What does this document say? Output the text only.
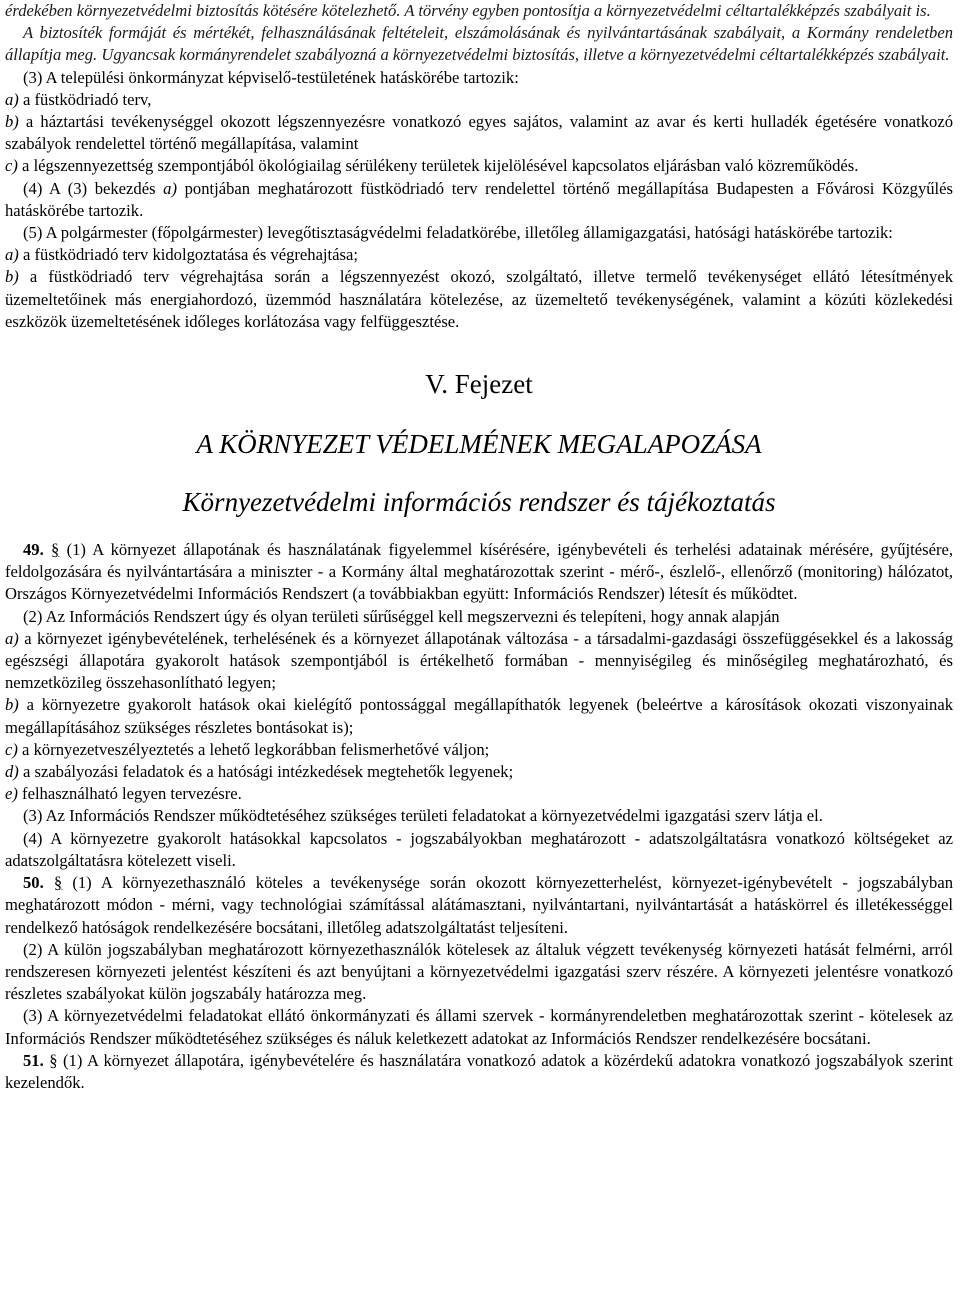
érdekében környezetvédelmi biztosítás kötésére kötelezhető. A törvény egyben pontosítja a környezetvédelmi céltartalékképzés szabályait is.

A biztosíték formáját és mértékét, felhasználásának feltételeit, elszámolásának és nyilvántartásának szabályait, a Kormány rendeletben állapítja meg. Ugyancsak kormányrendelet szabályozná a környezetvédelmi biztosítás, illetve a környezetvédelmi céltartalékképzés szabályait.

(3) A települési önkormányzat képviselő-testületének hatáskörébe tartozik:

a) a füstködriadó terv,

b) a háztartási tevékenységgel okozott légszennyezésre vonatkozó egyes sajátos, valamint az avar és kerti hulladék égetésére vonatkozó szabályok rendelettel történő megállapítása, valamint

c) a légszennyezettség szempontjából ökológiailag sérülékeny területek kijelölésével kapcsolatos eljárásban való közreműködés.

(4) A (3) bekezdés a) pontjában meghatározott füstködriadó terv rendelettel történő megállapítása Budapesten a Fővárosi Közgyűlés hatáskörébe tartozik.

(5) A polgármester (főpolgármester) levegőtisztaságvédelmi feladatkörébe, illetőleg államigazgatási, hatósági hatáskörébe tartozik:

a) a füstködriadó terv kidolgoztatása és végrehajtása;

b) a füstködriadó terv végrehajtása során a légszennyezést okozó, szolgáltató, illetve termelő tevékenységet ellátó létesítmények üzemeltetőinek más energiahordozó, üzemmód használatára kötelezése, az üzemeltető tevékenységének, valamint a közúti közlekedési eszközök üzemeltetésének időleges korlátozása vagy felfüggesztése.

V. Fejezet
A KÖRNYEZET VÉDELMÉNEK MEGALAPOZÁSA
Környezetvédelmi információs rendszer és tájékoztatás

49. § (1) A környezet állapotának és használatának figyelemmel kísérésére, igénybevételi és terhelési adatainak mérésére, gyűjtésére, feldolgozására és nyilvántartására a miniszter - a Kormány által meghatározottak szerint - mérő-, észlelő-, ellenőrző (monitoring) hálózatot, Országos Környezetvédelmi Információs Rendszert (a továbbiakban együtt: Információs Rendszer) létesít és működtet.

(2) Az Információs Rendszert úgy és olyan területi sűrűséggel kell megszervezni és telepíteni, hogy annak alapján

a) a környezet igénybevételének, terhelésének és a környezet állapotának változása - a társadalmi-gazdasági összefüggésekkel és a lakosság egészségi állapotára gyakorolt hatások szempontjából is értékelhető formában - mennyiségileg és minőségileg meghatározható, és nemzetközileg összehasonlítható legyen;

b) a környezetre gyakorolt hatások okai kielégítő pontossággal megállapíthatók legyenek (beleértve a károsítások okozati viszonyainak megállapításához szükséges részletes bontásokat is);

c) a környezetveszélyeztetés a lehető legkorábban felismerhetővé váljon;

d) a szabályozási feladatok és a hatósági intézkedések megtehetők legyenek;

e) felhasználható legyen tervezésre.

(3) Az Információs Rendszer működtetéséhez szükséges területi feladatokat a környezetvédelmi igazgatási szerv látja el.

(4) A környezetre gyakorolt hatásokkal kapcsolatos - jogszabályokban meghatározott - adatszolgáltatásra vonatkozó költségeket az adatszolgáltatásra kötelezett viseli.

50. § (1) A környezethasználó köteles a tevékenysége során okozott környezetterhelést, környezet-igénybevételt - jogszabályban meghatározott módon - mérni, vagy technológiai számítással alátámasztani, nyilvántartani, nyilvántartását a hatáskörrel és illetékességgel rendelkező hatóságok rendelkezésére bocsátani, illetőleg adatszolgáltatást teljesíteni.

(2) A külön jogszabályban meghatározott környezethasználók kötelesek az általuk végzett tevékenység környezeti hatását felmérni, arról rendszeresen környezeti jelentést készíteni és azt benyújtani a környezetvédelmi igazgatási szerv részére. A környezeti jelentésre vonatkozó részletes szabályokat külön jogszabály határozza meg.

(3) A környezetvédelmi feladatokat ellátó önkormányzati és állami szervek - kormányrendeletben meghatározottak szerint - kötelesek az Információs Rendszer működtetéséhez szükséges és náluk keletkezett adatokat az Információs Rendszer rendelkezésére bocsátani.

51. § (1) A környezet állapotára, igénybevételére és használatára vonatkozó adatok a közérdekű adatokra vonatkozó jogszabályok szerint kezelendők.
